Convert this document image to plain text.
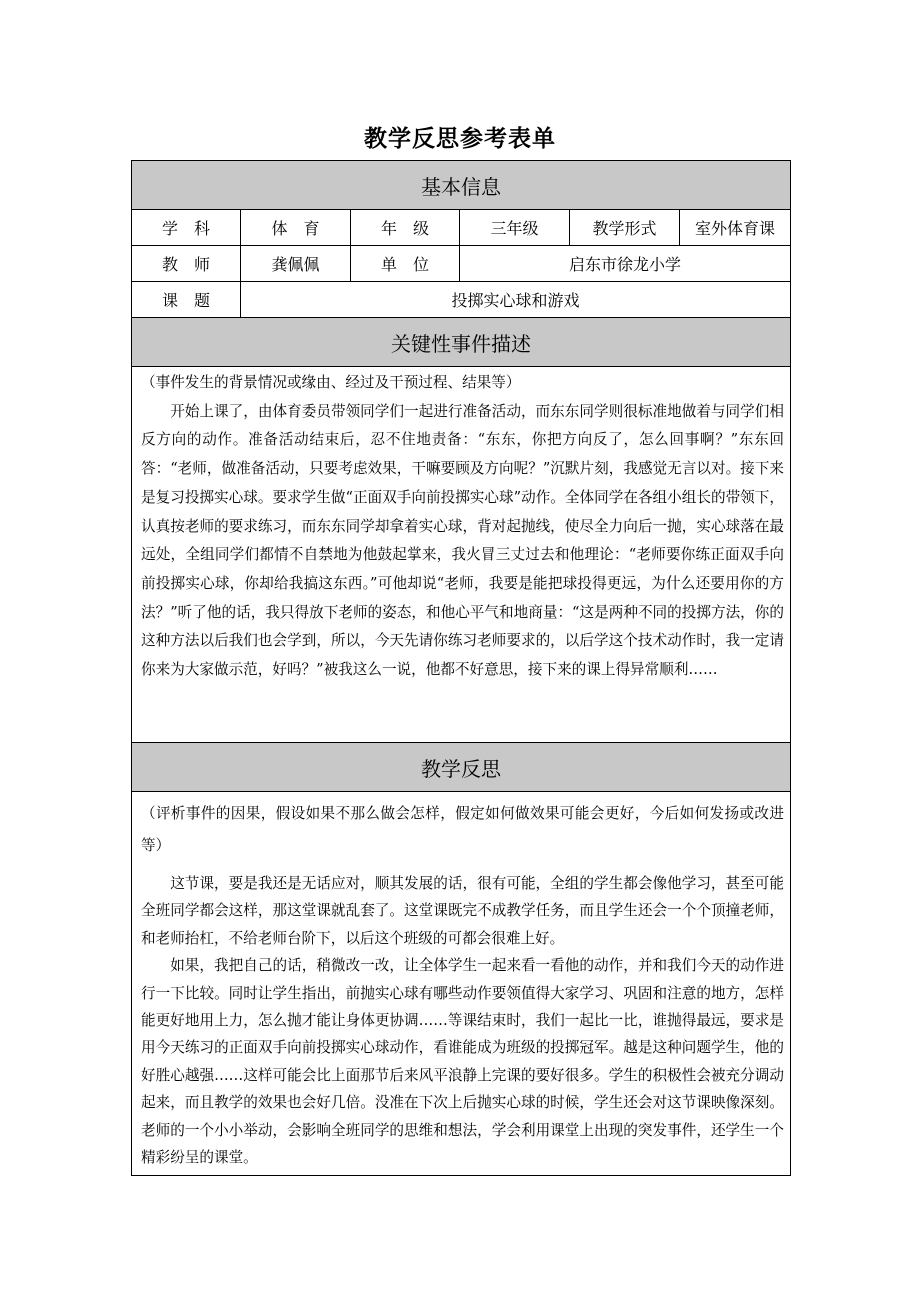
教学反思参考表单
基本信息					
学　科	体　育	年　级	三年级	教学形式	室外体育课
教　师	龚佩佩	单　位	启东市徐龙小学		
课　题	投掷实心球和游戏				
关键性事件描述					

（事件发生的背景情况或缘由、经过及干预过程、结果等）

开始上课了，由体育委员带领同学们一起进行准备活动，而东东同学则很标准地做着与同学们相反方向的动作。准备活动结束后，忍不住地责备：“东东，你把方向反了，怎么回事啊？”东东回答：“老师，做准备活动，只要考虑效果，干嘛要顾及方向呢？”沉默片刻，我感觉无言以对。接下来是复习投掷实心球。要求学生做“正面双手向前投掷实心球”动作。全体同学在各组小组长的带领下，认真按老师的要求练习，而东东同学却拿着实心球，背对起抛线，使尽全力向后一抛，实心球落在最远处，全组同学们都情不自禁地为他鼓起掌来，我火冒三丈过去和他理论：“老师要你练正面双手向前投掷实心球，你却给我搞这东西。”可他却说“老师，我要是能把球投得更远，为什么还要用你的方法？”听了他的话，我只得放下老师的姿态，和他心平气和地商量：“这是两种不同的投掷方法，你的这种方法以后我们也会学到，所以，今天先请你练习老师要求的，以后学这个技术动作时，我一定请你来为大家做示范，好吗？”被我这么一说，他都不好意思，接下来的课上得异常顺利……					

教学反思					

（评析事件的因果，假设如果不那么做会怎样，假定如何做效果可能会更好，今后如何发扬或改进等）

这节课，要是我还是无话应对，顺其发展的话，很有可能，全组的学生都会像他学习，甚至可能全班同学都会这样，那这堂课就乱套了。这堂课既完不成教学任务，而且学生还会一个个顶撞老师，和老师抬杠，不给老师台阶下，以后这个班级的可都会很难上好。

如果，我把自己的话，稍微改一改，让全体学生一起来看一看他的动作，并和我们今天的动作进行一下比较。同时让学生指出，前抛实心球有哪些动作要领值得大家学习、巩固和注意的地方，怎样能更好地用上力，怎么抛才能让身体更协调……等课结束时，我们一起比一比，谁抛得最远，要求是 用今天练习的正面双手向前投掷实心球动作，看谁能成为班级的投掷冠军。越是这种问题学生，他的好胜心越强……这样可能会比上面那节后来风平浪静上完课的要好很多。学生的积极性会被充分调动起来，而且教学的效果也会好几倍。没准在下次上后抛实心球的时候，学生还会对这节课映像深刻。老师的一个小小举动，会影响全班同学的思维和想法，学会利用课堂上出现的突发事件，还学生一个精彩纷呈的课堂。					
